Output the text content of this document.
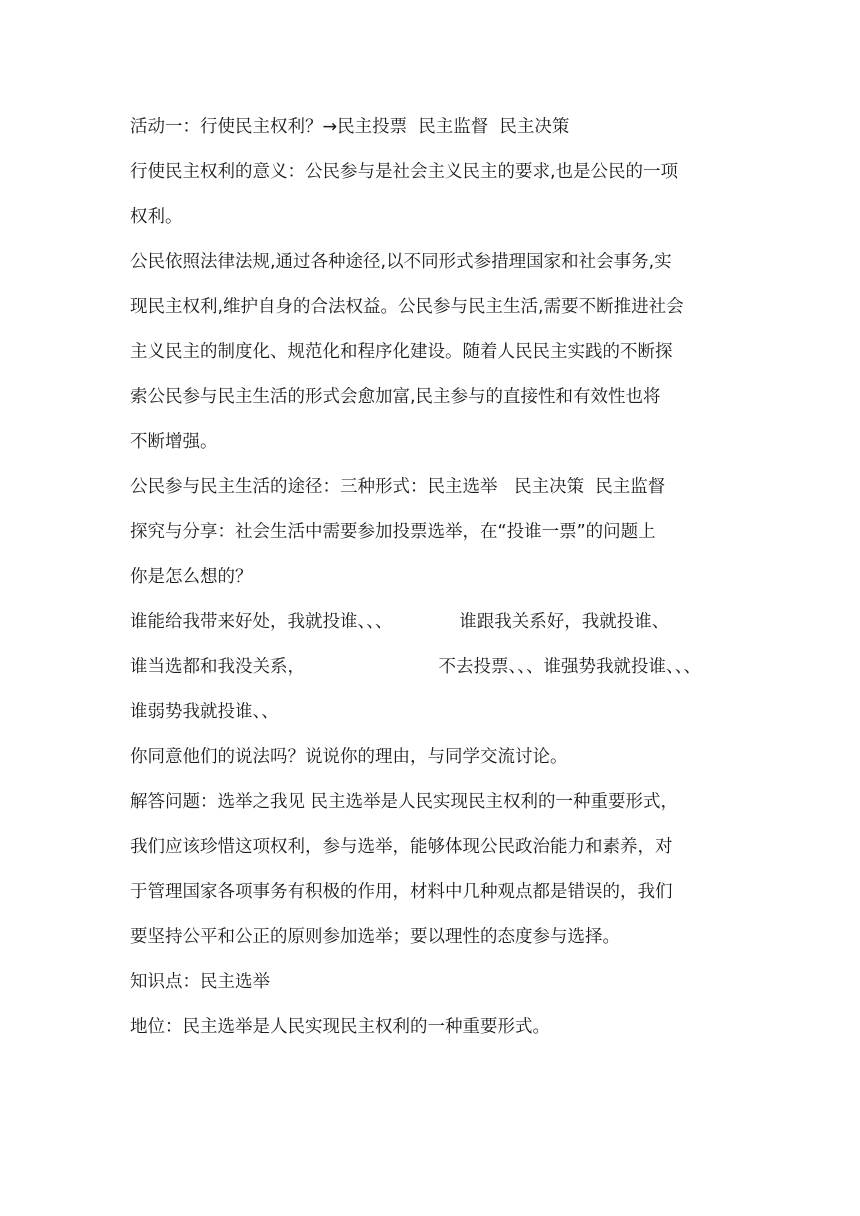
活动一：行使民主权利？→民主投票  民主监督  民主决策

行使民主权利的意义：公民参与是社会主义民主的要求,也是公民的一项

权利。

公民依照法律法规,通过各种途径,以不同形式参措理国家和社会事务,实

现民主权利,维护自身的合法权益。公民参与民主生活,需要不断推进社会

主义民主的制度化、规范化和程序化建设。随着人民民主实践的不断探

索公民参与民主生活的形式会愈加富,民主参与的直接性和有效性也将

不断增强。

公民参与民主生活的途径：三种形式：民主选举   民主决策  民主监督

探究与分享：社会生活中需要参加投票选举，在“投谁一票”的问题上

你是怎么想的？

谁能给我带来好处，我就投谁、、、            谁跟我关系好，我就投谁、

谁当选都和我没关系，                        不去投票、、、谁强势我就投谁、、、

谁弱势我就投谁、、

你同意他们的说法吗？说说你的理由，与同学交流讨论。

解答问题：选举之我见 民主选举是人民实现民主权利的一种重要形式，

我们应该珍惜这项权利，参与选举，能够体现公民政治能力和素养，对

于管理国家各项事务有积极的作用，材料中几种观点都是错误的，我们

要坚持公平和公正的原则参加选举；要以理性的态度参与选择。

知识点：民主选举

地位：民主选举是人民实现民主权利的一种重要形式。
